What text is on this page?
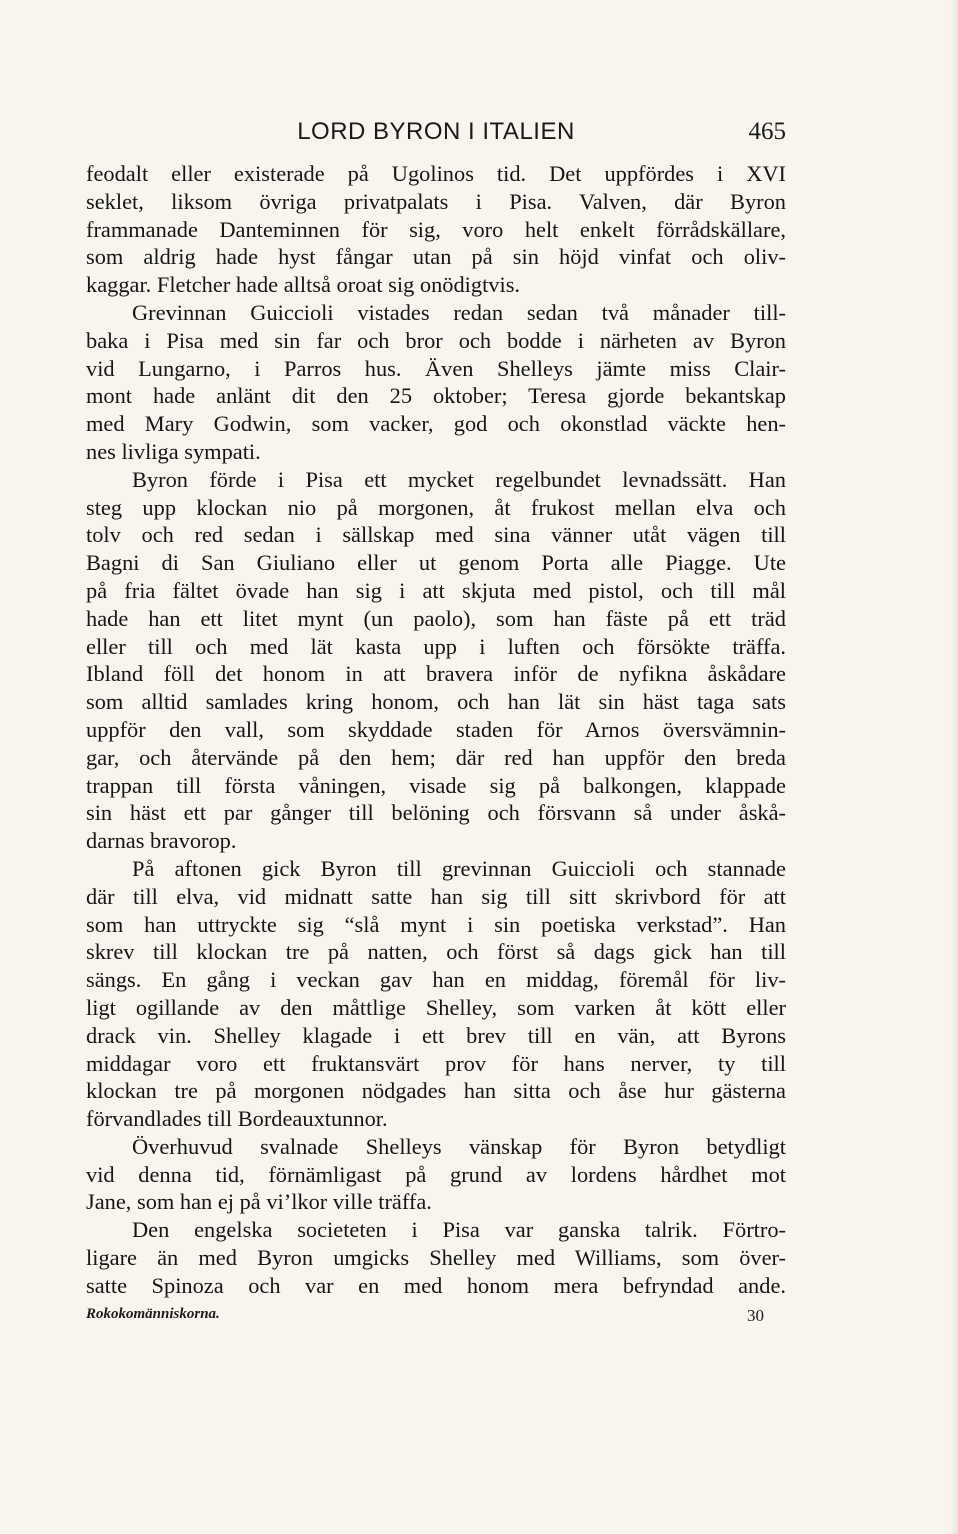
LORD BYRON I ITALIEN	465
feodalt eller existerade på Ugolinos tid. Det uppfördes i XVI
seklet, liksom övriga privatpalats i Pisa. Valven, där Byron
frammanade Danteminnen för sig, voro helt enkelt förrådskällare,
som aldrig hade hyst fångar utan på sin höjd vinfat och oliv-
kaggar. Fletcher hade alltså oroat sig onödigtvis.
Grevinnan Guiccioli vistades redan sedan två månader till-
baka i Pisa med sin far och bror och bodde i närheten av Byron
vid Lungarno, i Parros hus. Även Shelleys jämte miss Clair-
mont hade anlänt dit den 25 oktober; Teresa gjorde bekantskap
med Mary Godwin, som vacker, god och okonstlad väckte hen-
nes livliga sympati.
Byron förde i Pisa ett mycket regelbundet levnadssätt. Han
steg upp klockan nio på morgonen, åt frukost mellan elva och
tolv och red sedan i sällskap med sina vänner utåt vägen till
Bagni di San Giuliano eller ut genom Porta alle Piagge. Ute
på fria fältet övade han sig i att skjuta med pistol, och till mål
hade han ett litet mynt (un paolo), som han fäste på ett träd
eller till och med lät kasta upp i luften och försökte träffa.
Ibland föll det honom in att bravera inför de nyfikna åskådare
som alltid samlades kring honom, och han lät sin häst taga sats
uppför den vall, som skyddade staden för Arnos översvämnin-
gar, och återvände på den hem; där red han uppför den breda
trappan till första våningen, visade sig på balkongen, klappade
sin häst ett par gånger till belöning och försvann så under åskå-
darnas bravorop.
På aftonen gick Byron till grevinnan Guiccioli och stannade
där till elva, vid midnatt satte han sig till sitt skrivbord för att
som han uttryckte sig “slå mynt i sin poetiska verkstad”. Han
skrev till klockan tre på natten, och först så dags gick han till
sängs. En gång i veckan gav han en middag, föremål för liv-
ligt ogillande av den måttlige Shelley, som varken åt kött eller
drack vin. Shelley klagade i ett brev till en vän, att Byrons
middagar voro ett fruktansvärt prov för hans nerver, ty till
klockan tre på morgonen nödgades han sitta och åse hur gästerna
förvandlades till Bordeauxtunnor.
Överhuvud svalnade Shelleys vänskap för Byron betydligt
vid denna tid, förnämligast på grund av lordens hårdhet mot
Jane, som han ej på vi’lkor ville träffa.
Den engelska societeten i Pisa var ganska talrik. Förtro-
ligare än med Byron umgicks Shelley med Williams, som över-
satte Spinoza och var en med honom mera befryndad ande.
Rokokomänniskorna.	30
